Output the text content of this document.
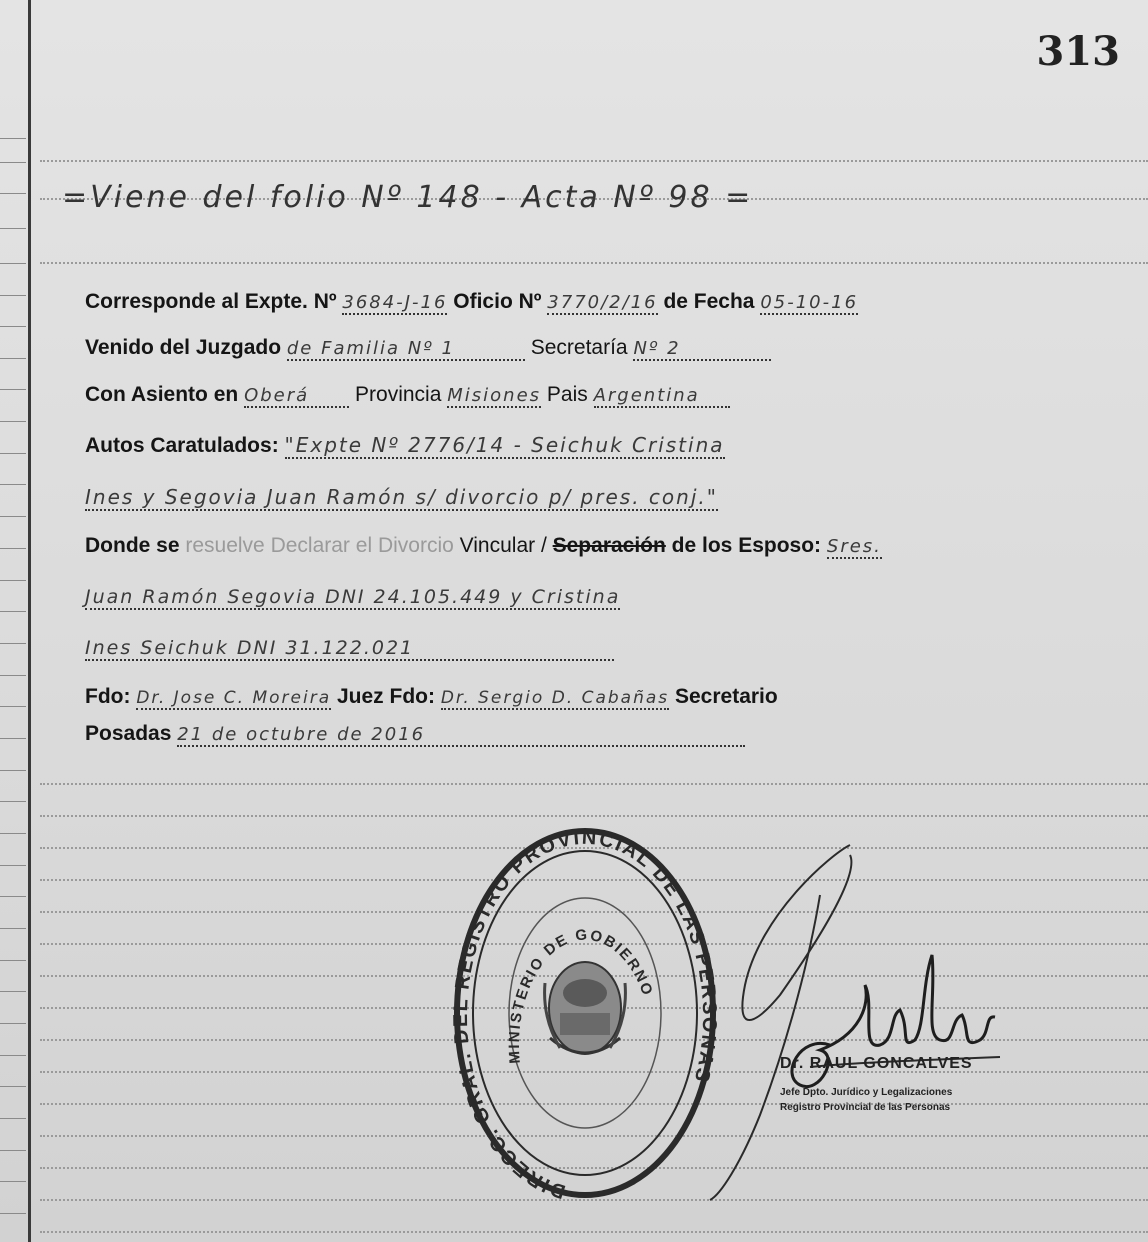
313
=Viene del folio Nº 148 - Acta Nº 98 =
Corresponde al Expte. Nº 3684-J-16 Oficio Nº 3770/2/16 de Fecha 05-10-16
Venido del Juzgado de Familia Nº 1	Secretaría Nº 2
Con Asiento en Oberá Provincia Misiones Pais Argentina
Autos Caratulados: "Expte Nº 2776/14 - Seichuk Cristina
Ines y Segovia Juan Ramón s/ divorcio p/ pres. conj."
Donde se resuelve Declarar el Divorcio Vincular / Separación de los Esposo: Sres.
Juan Ramón Segovia DNI 24.105.449 y Cristina
Ines Seichuk DNI 31.122.021
Fdo: Dr. Jose C. Moreira Juez Fdo: Dr. Sergio D. Cabañas Secretario
Posadas 21 de octubre de 2016
DIRECC. GRAL. DEL REGISTRO PROVINCIAL DE LAS PERSONAS
MINISTERIO DE GOBIERNO
Dr. RAUL GONCALVES
Jefe Dpto. Jurídico y Legalizaciones
Registro Provincial de las Personas
